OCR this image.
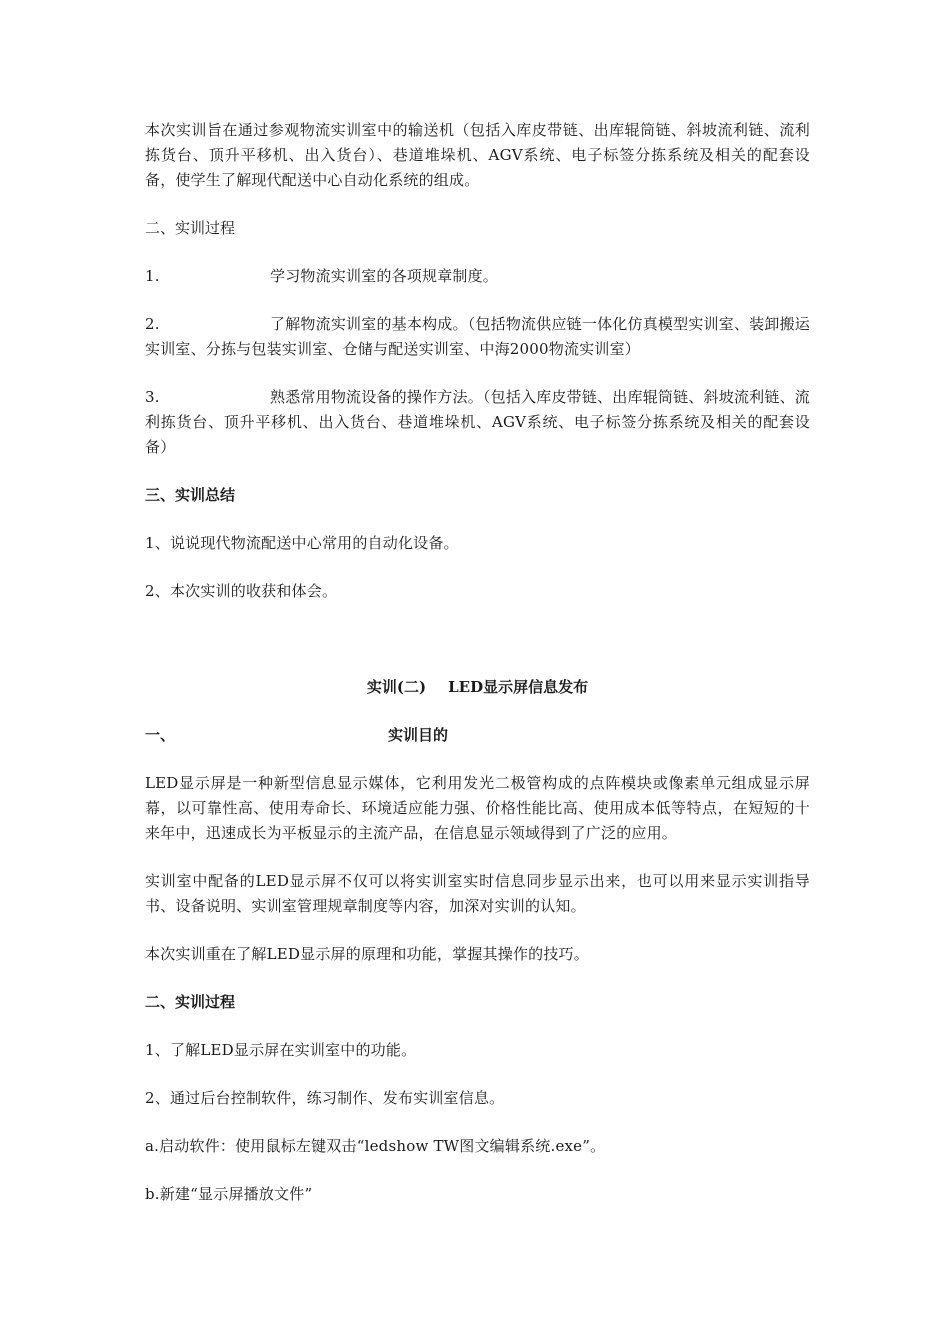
本次实训旨在通过参观物流实训室中的输送机（包括入库皮带链、出库辊筒链、斜坡流利链、流利拣货台、顶升平移机、出入货台）、巷道堆垛机、AGV系统、电子标签分拣系统及相关的配套设备，使学生了解现代配送中心自动化系统的组成。

二、实训过程

1.	学习物流实训室的各项规章制度。

2.	了解物流实训室的基本构成。（包括物流供应链一体化仿真模型实训室、装卸搬运实训室、分拣与包装实训室、仓储与配送实训室、中海2000物流实训室）

3.	熟悉常用物流设备的操作方法。（包括入库皮带链、出库辊筒链、斜坡流利链、流利拣货台、顶升平移机、出入货台、巷道堆垛机、AGV系统、电子标签分拣系统及相关的配套设备）

三、实训总结

1、说说现代物流配送中心常用的自动化设备。

2、本次实训的收获和体会。

实训(二) LED显示屏信息发布

一、	实训目的

LED显示屏是一种新型信息显示媒体，它利用发光二极管构成的点阵模块或像素单元组成显示屏幕，以可靠性高、使用寿命长、环境适应能力强、价格性能比高、使用成本低等特点，在短短的十来年中，迅速成长为平板显示的主流产品，在信息显示领域得到了广泛的应用。

实训室中配备的LED显示屏不仅可以将实训室实时信息同步显示出来，也可以用来显示实训指导书、设备说明、实训室管理规章制度等内容，加深对实训的认知。

本次实训重在了解LED显示屏的原理和功能，掌握其操作的技巧。

二、实训过程

1、了解LED显示屏在实训室中的功能。

2、通过后台控制软件，练习制作、发布实训室信息。

a.启动软件：使用鼠标左键双击“ledshow TW图文编辑系统.exe”。

b.新建“显示屏播放文件”
